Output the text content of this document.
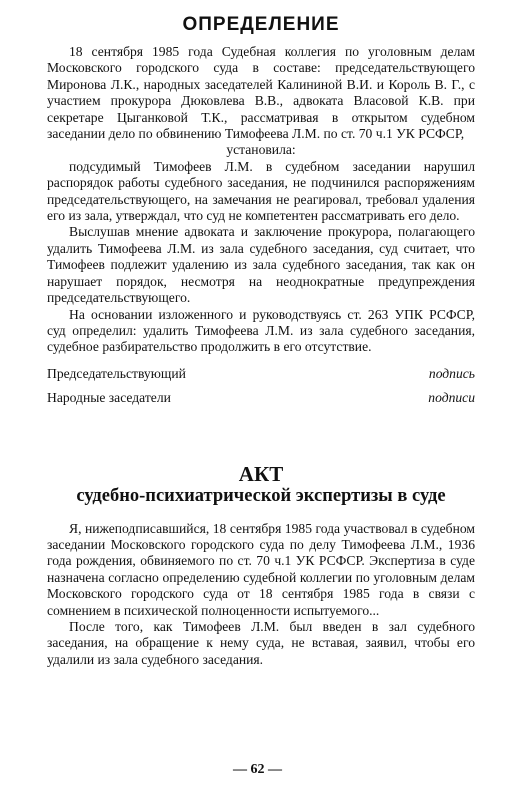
ОПРЕДЕЛЕНИЕ

18 сентября 1985 года Судебная коллегия по уголовным делам Московского городского суда в составе: председательствующего Миронова Л.К., народных заседателей Калининой В.И. и Король В. Г., с участием прокурора Дюковлева В.В., адвоката Власовой К.В. при секретаре Цыганковой Т.К., рассматривая в открытом судебном заседании дело по обвинению Тимофеева Л.М. по ст. 70 ч.1 УК РСФСР,

установила:

подсудимый Тимофеев Л.М. в судебном заседании нарушил распорядок работы судебного заседания, не подчинился распоряжениям председательствующего, на замечания не реагировал, требовал удаления его из зала, утверждал, что суд не компетентен рассматривать его дело.

Выслушав мнение адвоката и заключение прокурора, полагающего удалить Тимофеева Л.М. из зала судебного заседания, суд считает, что Тимофеев подлежит удалению из зала судебного заседания, так как он нарушает порядок, несмотря на неоднократные предупреждения председательствующего.

На основании изложенного и руководствуясь ст. 263 УПК РСФСР, суд определил: удалить Тимофеева Л.М. из зала судебного заседания, судебное разбирательство продолжить в его отсутствие.

Председательствующий	подпись
Народные заседатели	подписи
АКТ
судебно-психиатрической экспертизы в суде

Я, нижеподписавшийся, 18 сентября 1985 года участвовал в судебном заседании Московского городского суда по делу Тимофеева Л.М., 1936 года рождения, обвиняемого по ст. 70 ч.1 УК РСФСР. Экспертиза в суде назначена согласно определению судебной коллегии по уголовным делам Московского городского суда от 18 сентября 1985 года в связи с сомнением в психической полноценности испытуемого...

После того, как Тимофеев Л.М. был введен в зал судебного заседания, на обращение к нему суда, не вставая, заявил, чтобы его удалили из зала судебного заседания.

— 62 —
